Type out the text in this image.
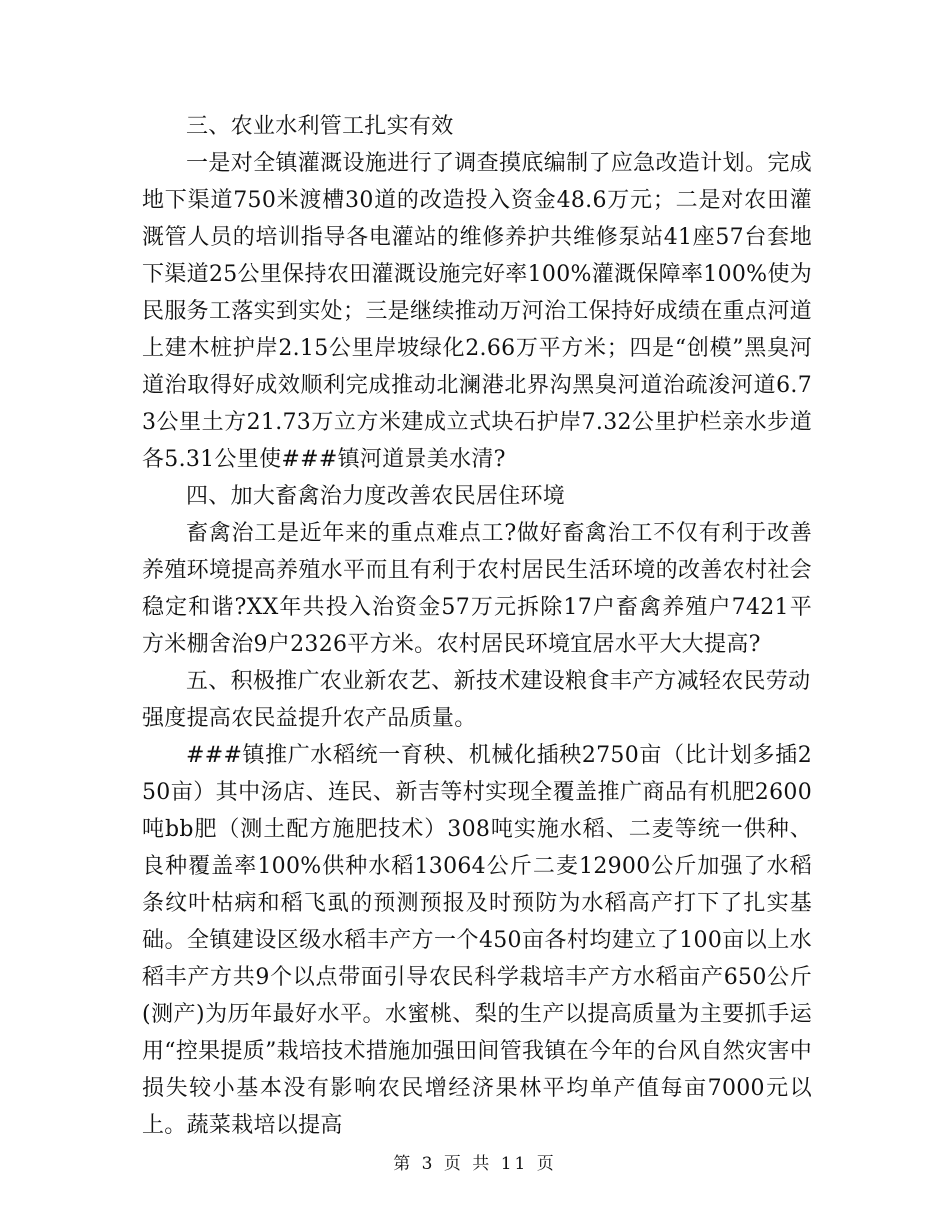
三、农业水利管工扎实有效

一是对全镇灌溉设施进行了调查摸底编制了应急改造计划。完成地下渠道750米渡槽30道的改造投入资金48.6万元；二是对农田灌溉管人员的培训指导各电灌站的维修养护共维修泵站41座57台套地下渠道25公里保持农田灌溉设施完好率100%灌溉保障率100%使为民服务工落实到实处；三是继续推动万河治工保持好成绩在重点河道上建木桩护岸2.15公里岸坡绿化2.66万平方米；四是“创模”黑臭河道治取得好成效顺利完成推动北澜港北界沟黑臭河道治疏浚河道6.73公里土方21.73万立方米建成立式块石护岸7.32公里护栏亲水步道各5.31公里使###镇河道景美水清?

四、加大畜禽治力度改善农民居住环境

畜禽治工是近年来的重点难点工?做好畜禽治工不仅有利于改善养殖环境提高养殖水平而且有利于农村居民生活环境的改善农村社会稳定和谐?XX年共投入治资金57万元拆除17户畜禽养殖户7421平方米棚舍治9户2326平方米。农村居民环境宜居水平大大提高?

五、积极推广农业新农艺、新技术建设粮食丰产方减轻农民劳动强度提高农民益提升农产品质量。

###镇推广水稻统一育秧、机械化插秧2750亩（比计划多插250亩）其中汤店、连民、新吉等村实现全覆盖推广商品有机肥2600吨bb肥（测土配方施肥技术）308吨实施水稻、二麦等统一供种、良种覆盖率100%供种水稻13064公斤二麦12900公斤加强了水稻条纹叶枯病和稻飞虱的预测预报及时预防为水稻高产打下了扎实基础。全镇建设区级水稻丰产方一个450亩各村均建立了100亩以上水稻丰产方共9个以点带面引导农民科学栽培丰产方水稻亩产650公斤(测产)为历年最好水平。水蜜桃、梨的生产以提高质量为主要抓手运用“控果提质”栽培技术措施加强田间管我镇在今年的台风自然灾害中损失较小基本没有影响农民增经济果林平均单产值每亩7000元以上。蔬菜栽培以提高

第 3 页 共 11 页
